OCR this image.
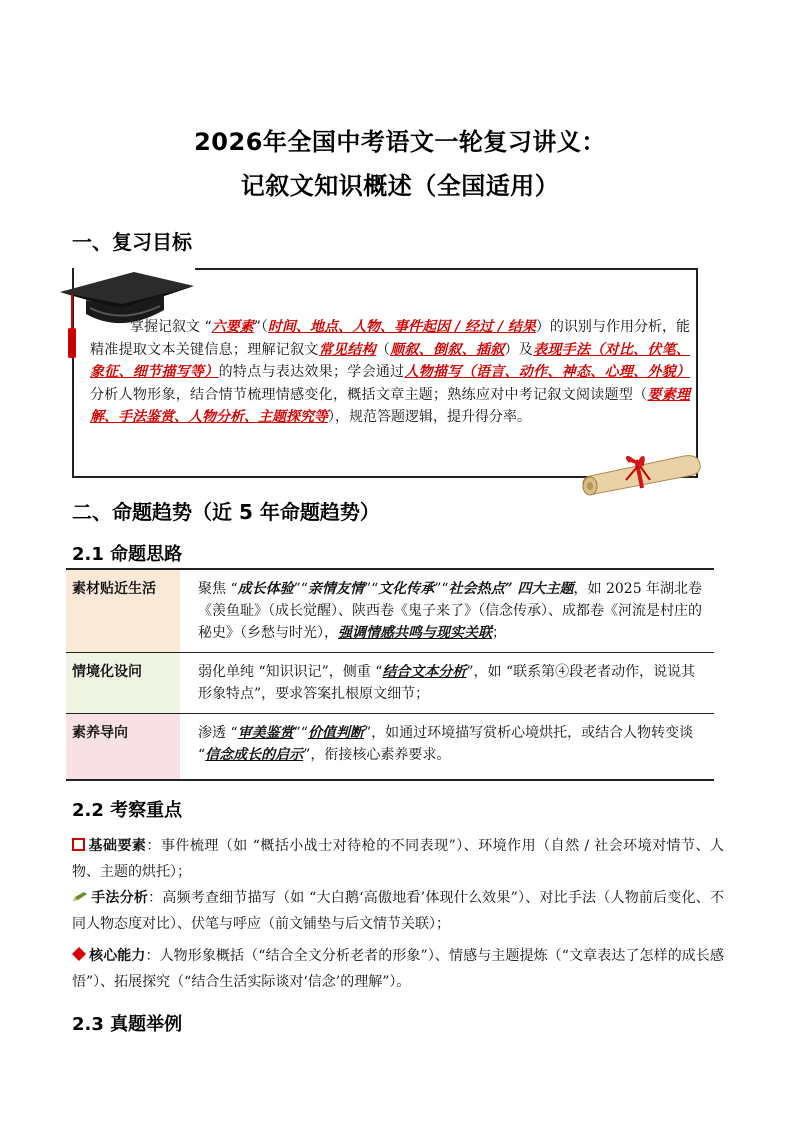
2026年全国中考语文一轮复习讲义：
记叙文知识概述（全国适用）
一、复习目标
掌握记叙文 “六要素”（时间、地点、人物、事件起因 / 经过 / 结果）的识别与作用分析，能精准提取文本关键信息；理解记叙文常见结构（顺叙、倒叙、插叙）及表现手法（对比、伏笔、象征、细节描写等）的特点与表达效果；学会通过人物描写（语言、动作、神态、心理、外貌）分析人物形象，结合情节梳理情感变化，概括文章主题；熟练应对中考记叙文阅读题型（要素理解、手法鉴赏、人物分析、主题探究等），规范答题逻辑，提升得分率。
二、命题趋势（近 5 年命题趋势）
2.1 命题思路
素材贴近生活	聚焦 “成长体验”“亲情友情”“文化传承”“社会热点” 四大主题，如 2025 年湖北卷《羡鱼耻》（成长觉醒）、陕西卷《鬼子来了》（信念传承）、成都卷《河流是村庄的秘史》（乡愁与时光），强调情感共鸣与现实关联；
情境化设问	弱化单纯 “知识识记”，侧重 “结合文本分析”，如 “联系第④段老者动作，说说其形象特点”，要求答案扎根原文细节；
素养导向	渗透 “审美鉴赏”“价值判断”，如通过环境描写赏析心境烘托，或结合人物转变谈 “信念成长的启示”，衔接核心素养要求。
2.2 考察重点
基础要素：事件梳理（如 “概括小战士对待枪的不同表现”）、环境作用（自然 / 社会环境对情节、人物、主题的烘托）；
手法分析：高频考查细节描写（如 “大白鹅‘高傲地看’体现什么效果”）、对比手法（人物前后变化、不同人物态度对比）、伏笔与呼应（前文铺垫与后文情节关联）；
核心能力：人物形象概括（“结合全文分析老者的形象”）、情感与主题提炼（“文章表达了怎样的成长感悟”）、拓展探究（“结合生活实际谈对‘信念’的理解”）。
2.3 真题举例
